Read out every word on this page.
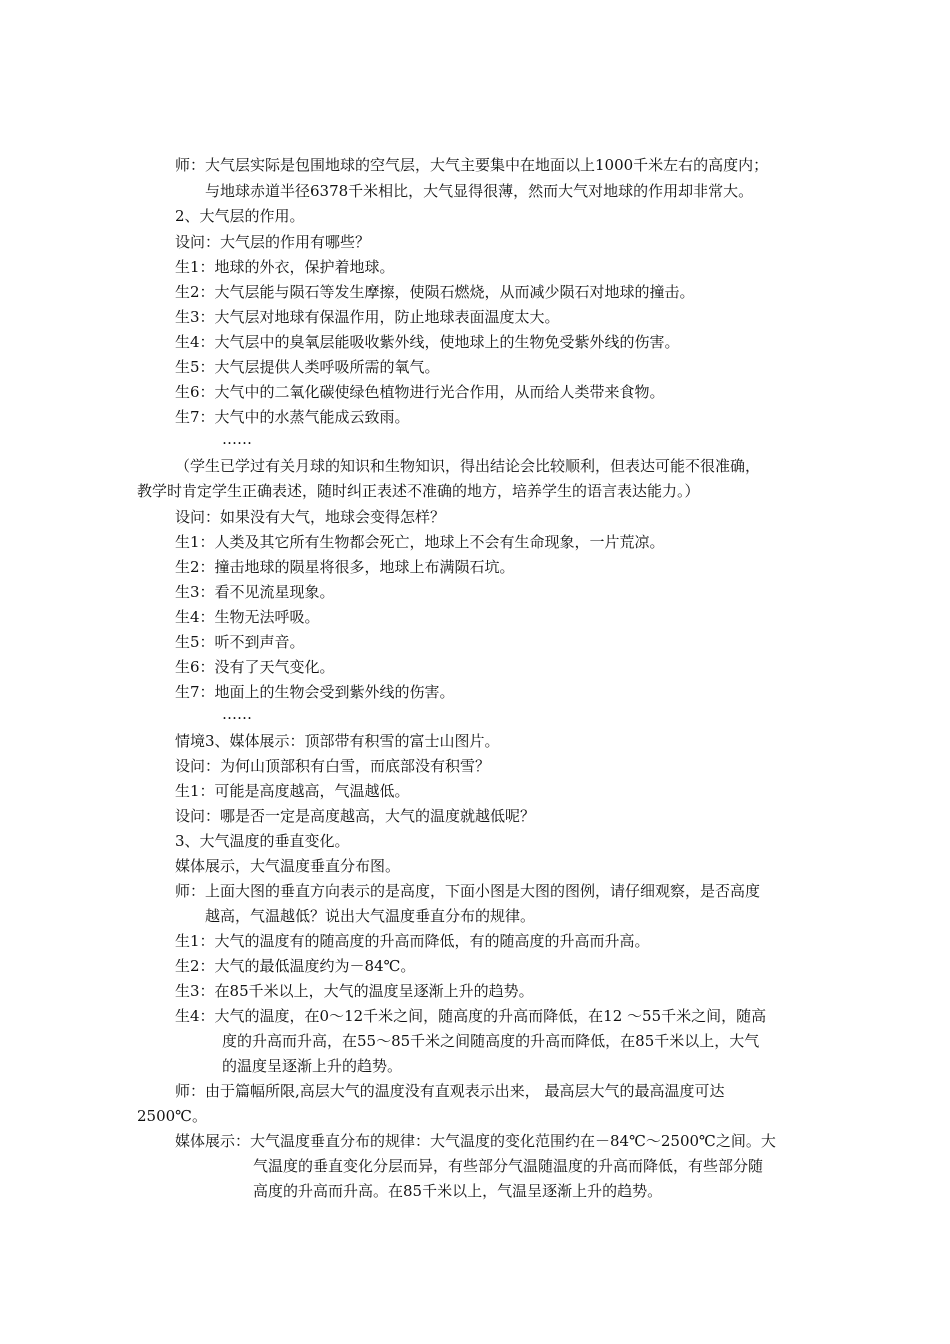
师：大气层实际是包围地球的空气层，大气主要集中在地面以上1000千米左右的高度内；
与地球赤道半径6378千米相比，大气显得很薄，然而大气对地球的作用却非常大。
2、大气层的作用。
设问：大气层的作用有哪些？
生1：地球的外衣，保护着地球。
生2：大气层能与陨石等发生摩擦，使陨石燃烧，从而减少陨石对地球的撞击。
生3：大气层对地球有保温作用，防止地球表面温度太大。
生4：大气层中的臭氧层能吸收紫外线，使地球上的生物免受紫外线的伤害。
生5：大气层提供人类呼吸所需的氧气。
生6：大气中的二氧化碳使绿色植物进行光合作用，从而给人类带来食物。
生7：大气中的水蒸气能成云致雨。
……
（学生已学过有关月球的知识和生物知识，得出结论会比较顺利，但表达可能不很准确，
教学时肯定学生正确表述，随时纠正表述不准确的地方，培养学生的语言表达能力。）
设问：如果没有大气，地球会变得怎样？
生1：人类及其它所有生物都会死亡，地球上不会有生命现象，一片荒凉。
生2：撞击地球的陨星将很多，地球上布满陨石坑。
生3：看不见流星现象。
生4：生物无法呼吸。
生5：听不到声音。
生6：没有了天气变化。
生7：地面上的生物会受到紫外线的伤害。
……
情境3、媒体展示：顶部带有积雪的富士山图片。
设问：为何山顶部积有白雪，而底部没有积雪？
生1：可能是高度越高，气温越低。
设问：哪是否一定是高度越高，大气的温度就越低呢？
3、大气温度的垂直变化。
媒体展示，大气温度垂直分布图。
师：上面大图的垂直方向表示的是高度，下面小图是大图的图例，请仔细观察，是否高度
越高，气温越低？说出大气温度垂直分布的规律。
生1：大气的温度有的随高度的升高而降低，有的随高度的升高而升高。
生2：大气的最低温度约为－84℃。
生3：在85千米以上，大气的温度呈逐渐上升的趋势。
生4：大气的温度，在0～12千米之间，随高度的升高而降低，在12 ～55千米之间，随高
度的升高而升高，在55～85千米之间随高度的升高而降低，在85千米以上，大气
的温度呈逐渐上升的趋势。
师：由于篇幅所限,高层大气的温度没有直观表示出来， 最高层大气的最高温度可达
2500℃。
媒体展示：大气温度垂直分布的规律：大气温度的变化范围约在－84℃～2500℃之间。大
气温度的垂直变化分层而异，有些部分气温随温度的升高而降低，有些部分随
高度的升高而升高。在85千米以上，气温呈逐渐上升的趋势。
